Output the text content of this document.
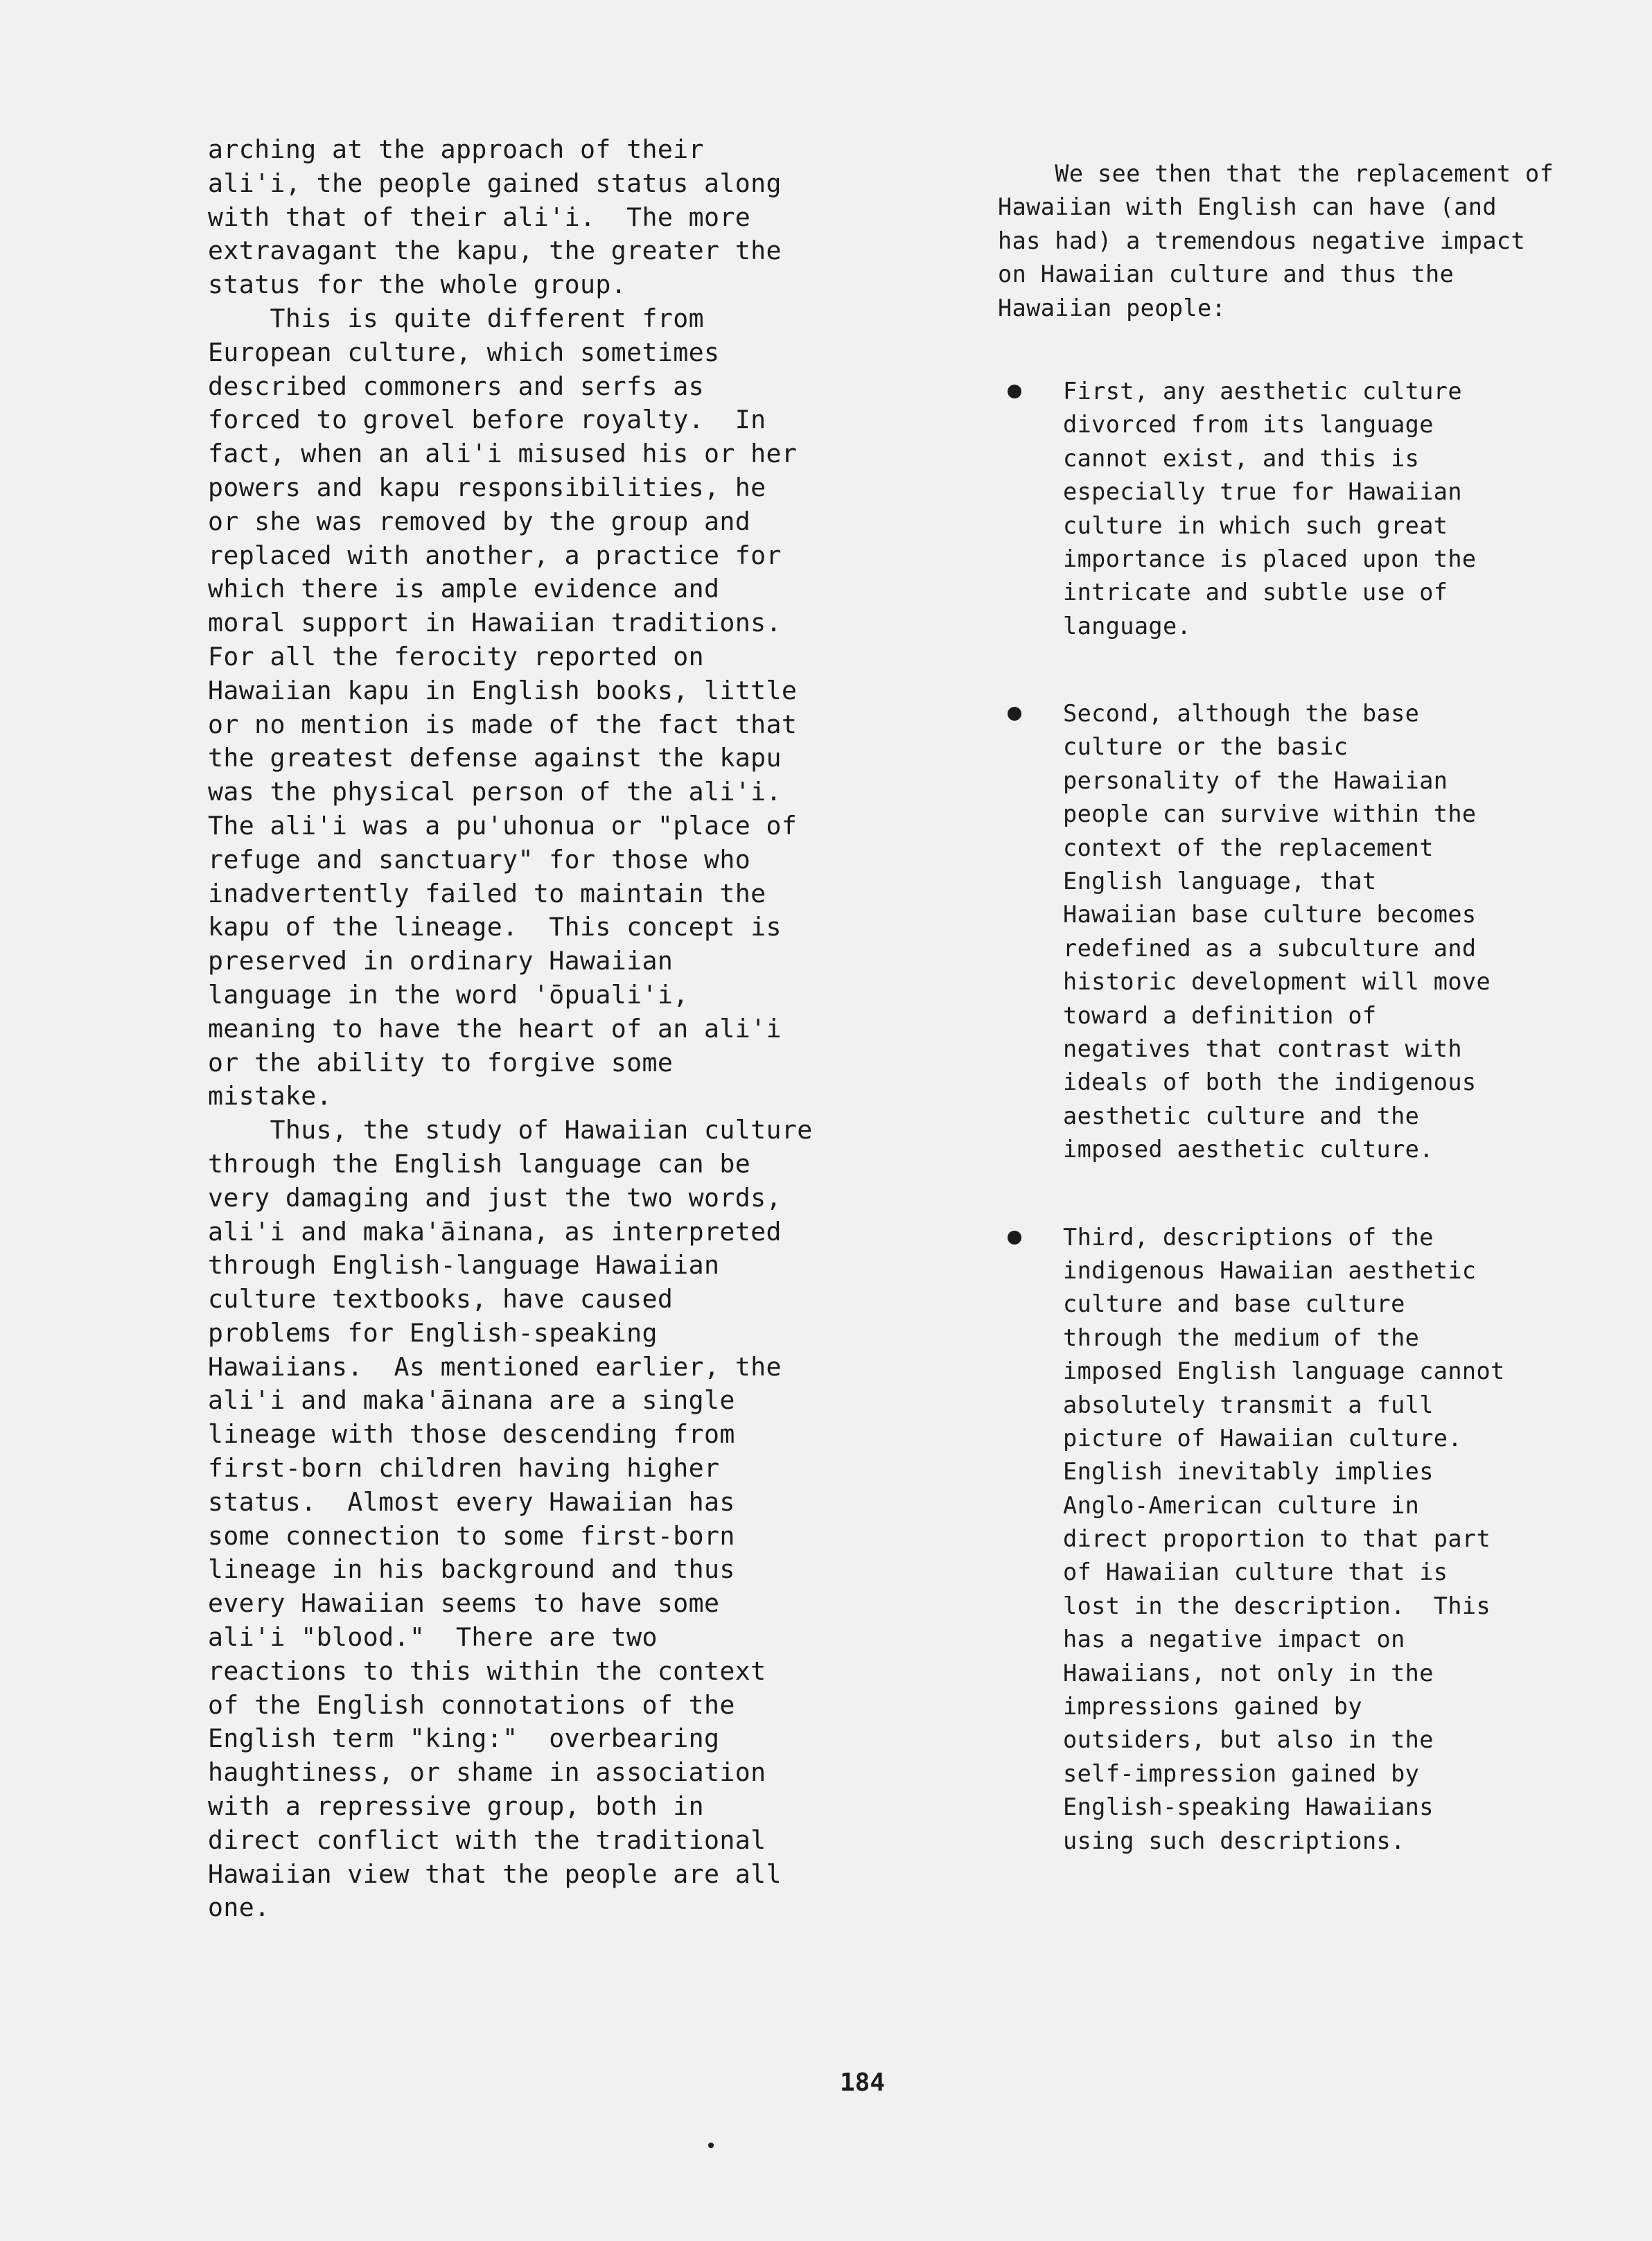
arching at the approach of their
ali'i, the people gained status along
with that of their ali'i.  The more
extravagant the kapu, the greater the
status for the whole group.
This is quite different from
European culture, which sometimes
described commoners and serfs as
forced to grovel before royalty.  In
fact, when an ali'i misused his or her
powers and kapu responsibilities, he
or she was removed by the group and
replaced with another, a practice for
which there is ample evidence and
moral support in Hawaiian traditions.
For all the ferocity reported on
Hawaiian kapu in English books, little
or no mention is made of the fact that
the greatest defense against the kapu
was the physical person of the ali'i.
The ali'i was a pu'uhonua or "place of
refuge and sanctuary" for those who
inadvertently failed to maintain the
kapu of the lineage.  This concept is
preserved in ordinary Hawaiian
language in the word 'ōpuali'i,
meaning to have the heart of an ali'i
or the ability to forgive some
mistake.
Thus, the study of Hawaiian culture
through the English language can be
very damaging and just the two words,
ali'i and maka'āinana, as interpreted
through English-language Hawaiian
culture textbooks, have caused
problems for English-speaking
Hawaiians.  As mentioned earlier, the
ali'i and maka'āinana are a single
lineage with those descending from
first-born children having higher
status.  Almost every Hawaiian has
some connection to some first-born
lineage in his background and thus
every Hawaiian seems to have some
ali'i "blood."  There are two
reactions to this within the context
of the English connotations of the
English term "king:"  overbearing
haughtiness, or shame in association
with a repressive group, both in
direct conflict with the traditional
Hawaiian view that the people are all
one.
We see then that the replacement of
Hawaiian with English can have (and
has had) a tremendous negative impact
on Hawaiian culture and thus the
Hawaiian people:
First, any aesthetic culture
divorced from its language
cannot exist, and this is
especially true for Hawaiian
culture in which such great
importance is placed upon the
intricate and subtle use of
language.
Second, although the base
culture or the basic
personality of the Hawaiian
people can survive within the
context of the replacement
English language, that
Hawaiian base culture becomes
redefined as a subculture and
historic development will move
toward a definition of
negatives that contrast with
ideals of both the indigenous
aesthetic culture and the
imposed aesthetic culture.
Third, descriptions of the
indigenous Hawaiian aesthetic
culture and base culture
through the medium of the
imposed English language cannot
absolutely transmit a full
picture of Hawaiian culture.
English inevitably implies
Anglo-American culture in
direct proportion to that part
of Hawaiian culture that is
lost in the description.  This
has a negative impact on
Hawaiians, not only in the
impressions gained by
outsiders, but also in the
self-impression gained by
English-speaking Hawaiians
using such descriptions.
184
